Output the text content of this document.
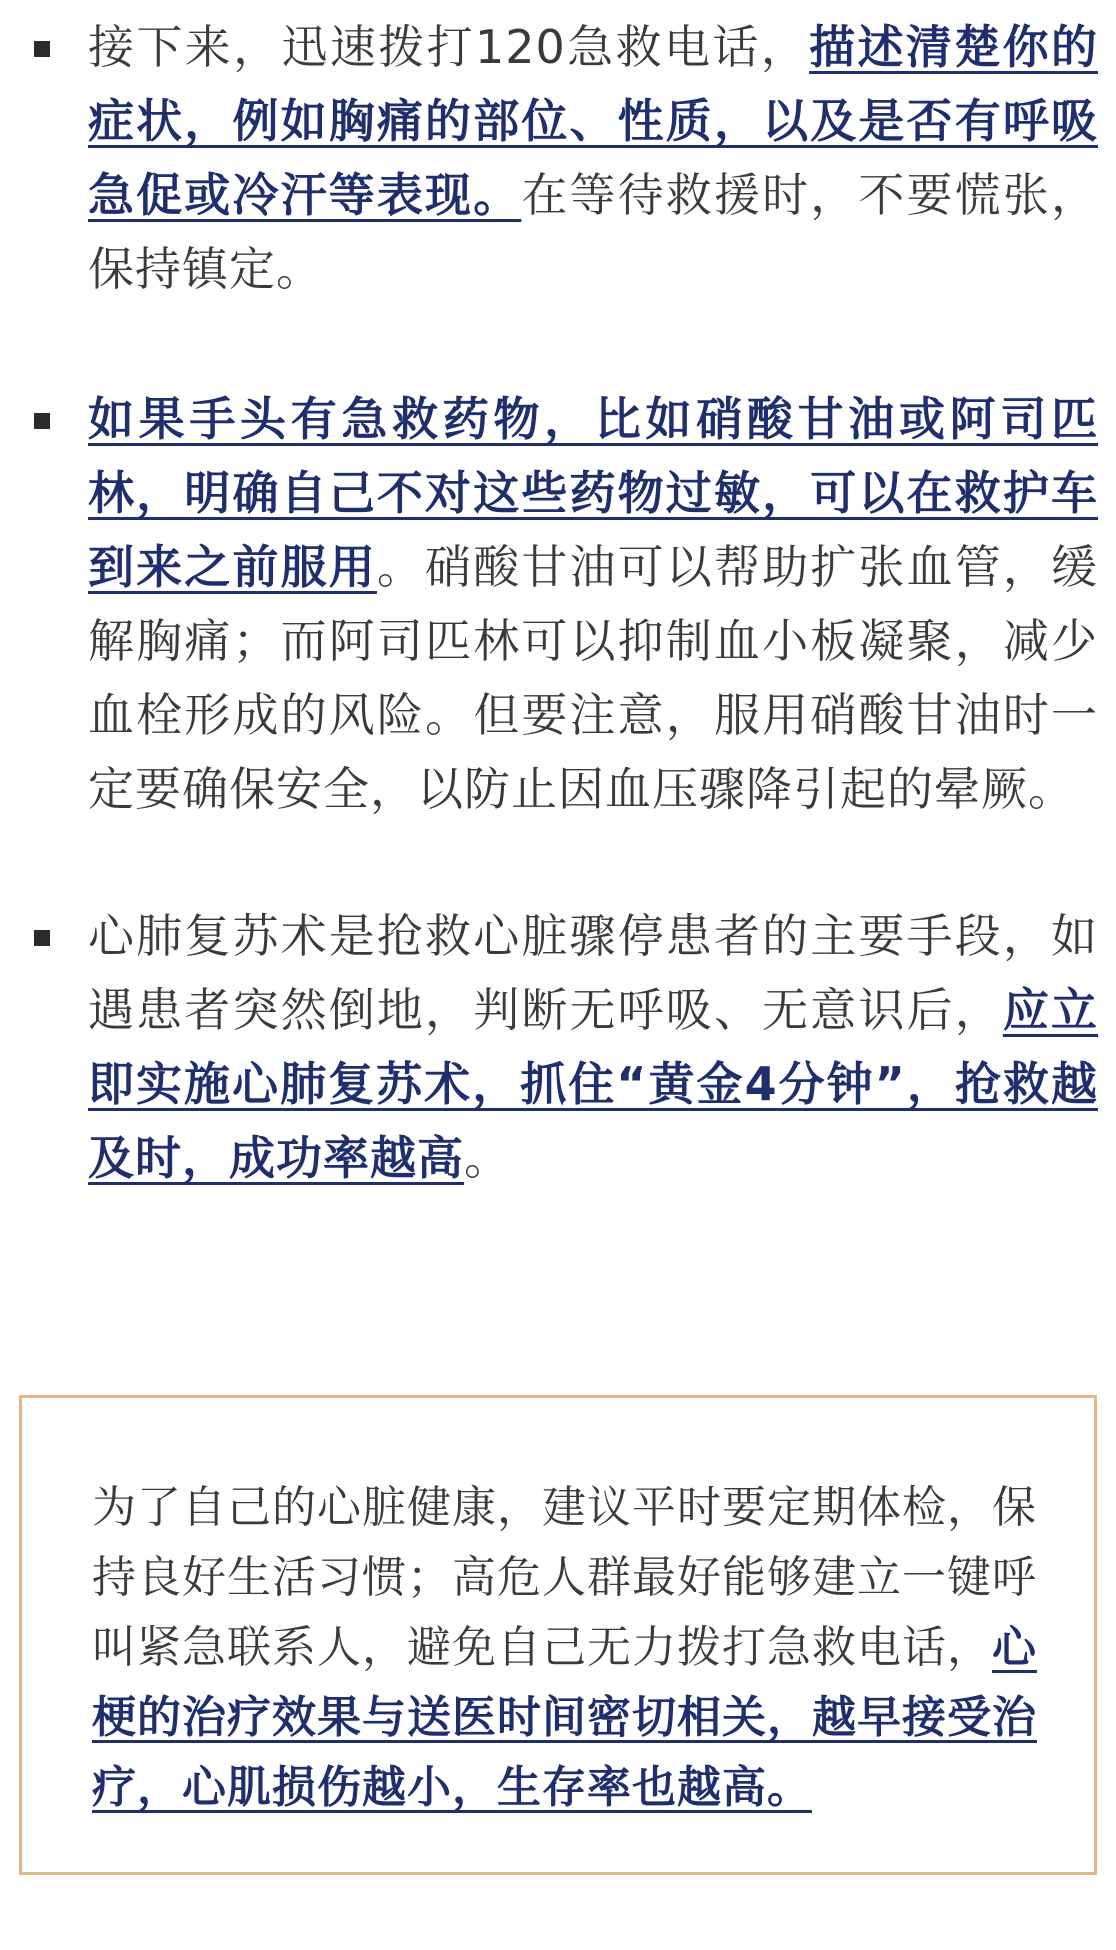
接下来，迅速拨打120急救电话，描述清楚你的症状，例如胸痛的部位、性质，以及是否有呼吸急促或冷汗等表现。在等待救援时，不要慌张，保持镇定。

如果手头有急救药物，比如硝酸甘油或阿司匹林，明确自己不对这些药物过敏，可以在救护车到来之前服用。硝酸甘油可以帮助扩张血管，缓解胸痛；而阿司匹林可以抑制血小板凝聚，减少血栓形成的风险。但要注意，服用硝酸甘油时一定要确保安全，以防止因血压骤降引起的晕厥。

心肺复苏术是抢救心脏骤停患者的主要手段，如遇患者突然倒地，判断无呼吸、无意识后，应立即实施心肺复苏术，抓住“黄金4分钟”，抢救越及时，成功率越高。

为了自己的心脏健康，建议平时要定期体检，保持良好生活习惯；高危人群最好能够建立一键呼叫紧急联系人，避免自己无力拨打急救电话，心梗的治疗效果与送医时间密切相关，越早接受治疗，心肌损伤越小，生存率也越高。
